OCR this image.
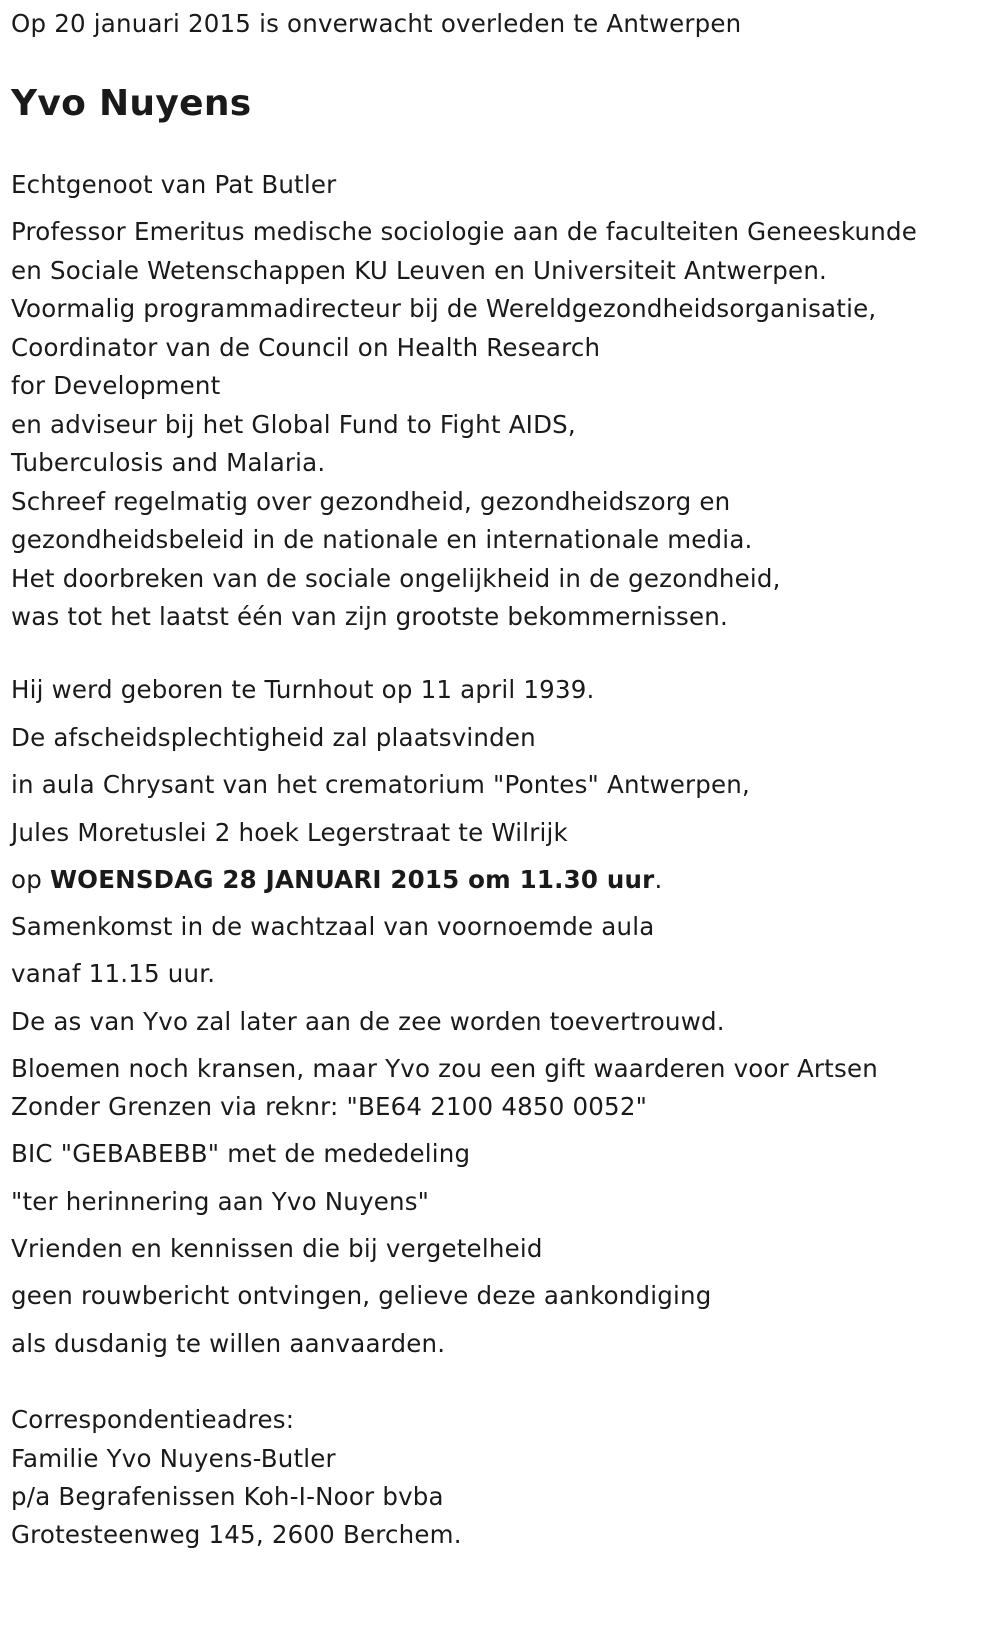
Op 20 januari 2015 is onverwacht overleden te Antwerpen

Yvo Nuyens

Echtgenoot van Pat Butler

Professor Emeritus medische sociologie aan de faculteiten Geneeskunde
en Sociale Wetenschappen KU Leuven en Universiteit Antwerpen.
Voormalig programmadirecteur bij de Wereldgezondheidsorganisatie,
Coordinator van de Council on Health Research
for Development
en adviseur bij het Global Fund to Fight AIDS,
Tuberculosis and Malaria.
Schreef regelmatig over gezondheid, gezondheidszorg en
gezondheidsbeleid in de nationale en internationale media.
Het doorbreken van de sociale ongelijkheid in de gezondheid,
was tot het laatst één van zijn grootste bekommernissen.

Hij werd geboren te Turnhout op 11 april 1939.

De afscheidsplechtigheid zal plaatsvinden

in aula Chrysant van het crematorium "Pontes" Antwerpen,

Jules Moretuslei 2 hoek Legerstraat te Wilrijk

op WOENSDAG 28 JANUARI 2015 om 11.30 uur.

Samenkomst in de wachtzaal van voornoemde aula

vanaf 11.15 uur.

De as van Yvo zal later aan de zee worden toevertrouwd.

Bloemen noch kransen, maar Yvo zou een gift waarderen voor Artsen

Zonder Grenzen via reknr: "BE64 2100 4850 0052"

BIC "GEBABEBB" met de mededeling

"ter herinnering aan Yvo Nuyens"

Vrienden en kennissen die bij vergetelheid

geen rouwbericht ontvingen, gelieve deze aankondiging

als dusdanig te willen aanvaarden.

Correspondentieadres:

Familie Yvo Nuyens-Butler

p/a Begrafenissen Koh-I-Noor bvba

Grotesteenweg 145, 2600 Berchem.
